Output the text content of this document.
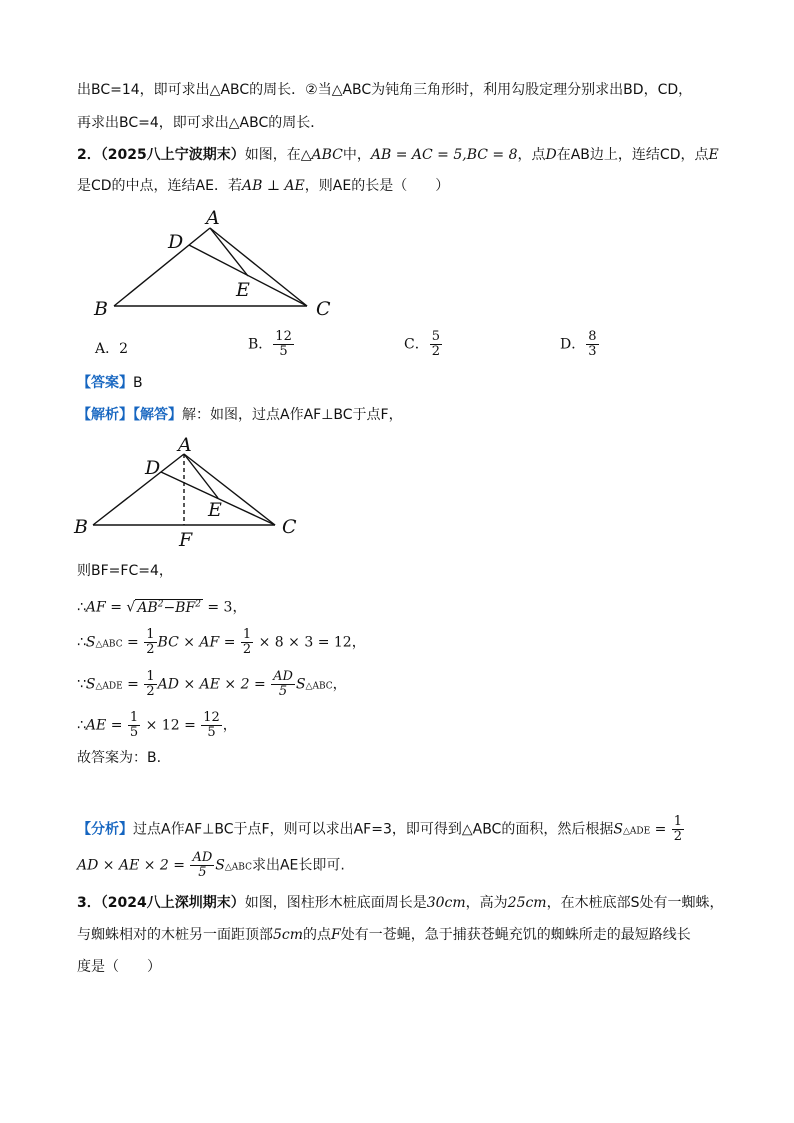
出BC=14，即可求出△ABC的周长．②当△ABC为钝角三角形时，利用勾股定理分别求出BD，CD，
再求出BC=4，即可求出△ABC的周长．
2．（2025八上宁波期末）如图，在△ABC中，AB = AC = 5,BC = 8，点D在AB边上，连结CD，点E
是CD的中点，连结AE．若AB ⊥ AE，则AE的长是（　　）
A
B	C
D
E
A．2	B． $\frac{12}{5}$	C． $\frac{5}{2}$	D． $\frac{8}{3}$
【答案】B
【解析】【解答】解：如图，过点A作AF⊥BC于点F，
A
B	C
D
E
F
则BF=FC=4，
∴AF = √ $AB^2-BF^2 = 3$，
∴S△ABC = $\frac{1}{2}$ BC × AF = $\frac{1}{2} \times 8 \times 3 = 12$，
∵S△ADE = $\frac{1}{2}$ AD × AE × $2 = \frac{AD}{5}$ S△ABC，
∴AE = $\frac{1}{5} \times 12 = \frac{12}{5}$ ，
故答案为：B.
【分析】过点A作AF⊥BC于点F，则可以求出AF=3，即可得到△ABC的面积，然后根据S△ADE = $\frac{1}{2}$
AD × AE × $2 = \frac{AD}{5}$ S△ABC求出AE长即可.
3．（2024八上深圳期末）如图，图柱形木桩底面周长是30cm，高为25cm，在木桩底部S处有一蜘蛛，
与蜘蛛相对的木桩另一面距顶部5cm的点F处有一苍蝇，急于捕获苍蝇充饥的蜘蛛所走的最短路线长
度是（　　）
